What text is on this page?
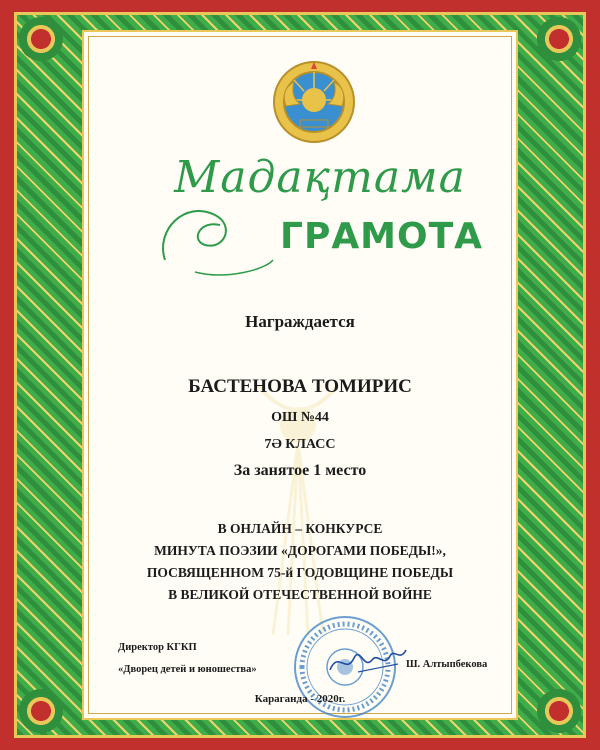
Мадақтама
ГРАМОТА
Награждается
БАСТЕНОВА ТОМИРИС
ОШ №44
7Ә КЛАСС
За занятое 1 место
В ОНЛАЙН – КОНКУРСЕ
МИНУТА ПОЭЗИИ «ДОРОГАМИ ПОБЕДЫ!»,
ПОСВЯЩЕННОМ 75-й ГОДОВЩИНЕ ПОБЕДЫ
В ВЕЛИКОЙ ОТЕЧЕСТВЕННОЙ ВОЙНЕ
Директор КГКП
«Дворец детей и юношества»	Ш. Алтыпбекова
Караганда - 2020г.
